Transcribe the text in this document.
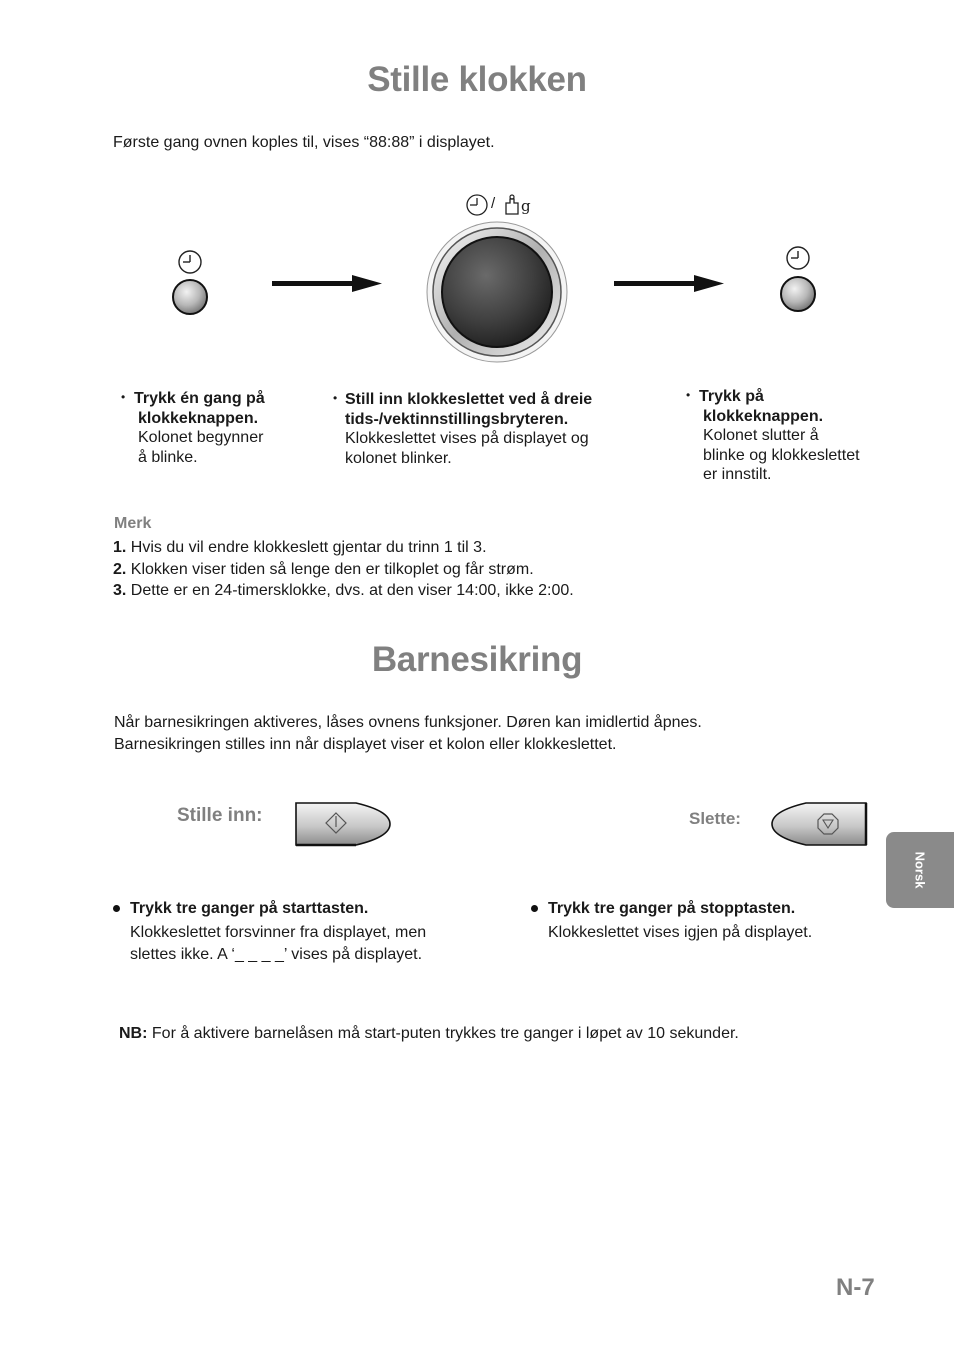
Stille klokken
Første gang ovnen koples til, vises “88:88” i displayet.
/ g
• Trykk én gang på
klokkeknappen.
Kolonet begynner
å blinke.
• Still inn klokkeslettet ved å dreie
tids-/vektinnstillingsbryteren.
Klokkeslettet vises på displayet og
kolonet blinker.
• Trykk på
klokkeknappen.
Kolonet slutter å
blinke og klokkeslettet
er innstilt.
Merk
1. Hvis du vil endre klokkeslett gjentar du trinn 1 til 3.
2. Klokken viser tiden så lenge den er tilkoplet og får strøm.
3. Dette er en 24-timersklokke, dvs. at den viser 14:00, ikke 2:00.
Barnesikring
Når barnesikringen aktiveres, låses ovnens funksjoner. Døren kan imidlertid åpnes.
Barnesikringen stilles inn når displayet viser et kolon eller klokkeslettet.
Stille inn:	Slette:
Norsk
Trykk tre ganger på starttasten.
Klokkeslettet forsvinner fra displayet, men
slettes ikke. A ‘_ _ _ _’ vises på displayet.
Trykk tre ganger på stopptasten.
Klokkeslettet vises igjen på displayet.
NB: For å aktivere barnelåsen må start-puten trykkes tre ganger i løpet av 10 sekunder.
N-7
